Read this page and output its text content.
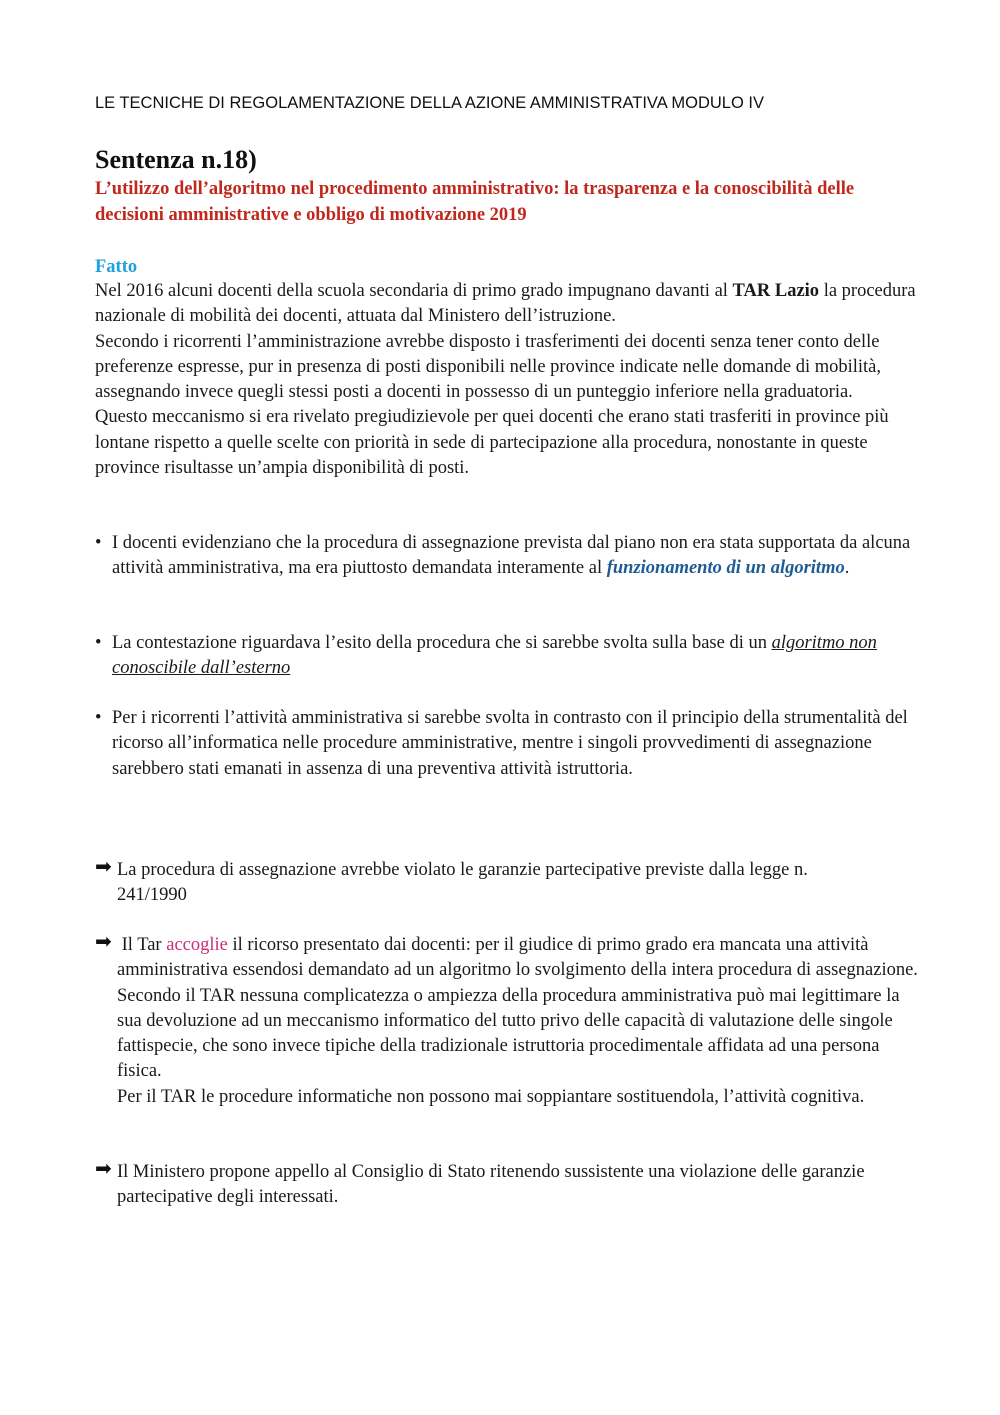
LE TECNICHE DI REGOLAMENTAZIONE DELLA AZIONE AMMINISTRATIVA MODULO IV
Sentenza n.18)
L’utilizzo dell’algoritmo nel procedimento amministrativo: la trasparenza e la conoscibilità delle decisioni amministrative e obbligo di motivazione 2019
Fatto

Nel 2016 alcuni docenti della scuola secondaria di primo grado impugnano davanti al TAR Lazio la procedura nazionale di mobilità dei docenti, attuata dal Ministero dell’istruzione.

Secondo i ricorrenti l’amministrazione avrebbe disposto i trasferimenti dei docenti senza tener conto delle preferenze espresse, pur in presenza di posti disponibili nelle province indicate nelle domande di mobilità, assegnando invece quegli stessi posti a docenti in possesso di un punteggio inferiore nella graduatoria.

Questo meccanismo si era rivelato pregiudizievole per quei docenti che erano stati trasferiti in province più lontane rispetto a quelle scelte con priorità in sede di partecipazione alla procedura, nonostante in queste province risultasse un’ampia disponibilità di posti.

• I docenti evidenziano che la procedura di assegnazione prevista dal piano non era stata supportata da alcuna attività amministrativa, ma era piuttosto demandata interamente al funzionamento di un algoritmo.
• La contestazione riguardava l’esito della procedura che si sarebbe svolta sulla base di un algoritmo non conoscibile dall’esterno
• Per i ricorrenti l’attività amministrativa si sarebbe svolta in contrasto con il principio della strumentalità del ricorso all’informatica nelle procedure amministrative, mentre i singoli provvedimenti di assegnazione sarebbero stati emanati in assenza di una preventiva attività istruttoria.
➡ La procedura di assegnazione avrebbe violato le garanzie partecipative previste dalla legge n. 241/1990
➡ Il Tar accoglie il ricorso presentato dai docenti: per il giudice di primo grado era mancata una attività amministrativa essendosi demandato ad un algoritmo lo svolgimento della intera procedura di assegnazione. Secondo il TAR nessuna complicatezza o ampiezza della procedura amministrativa può mai legittimare la sua devoluzione ad un meccanismo informatico del tutto privo delle capacità di valutazione delle singole fattispecie, che sono invece tipiche della tradizionale istruttoria procedimentale affidata ad una persona fisica.

Per il TAR le procedure informatiche non possono mai soppiantare sostituendola, l’attività cognitiva.

➡ Il Ministero propone appello al Consiglio di Stato ritenendo sussistente una violazione delle garanzie partecipative degli interessati.
